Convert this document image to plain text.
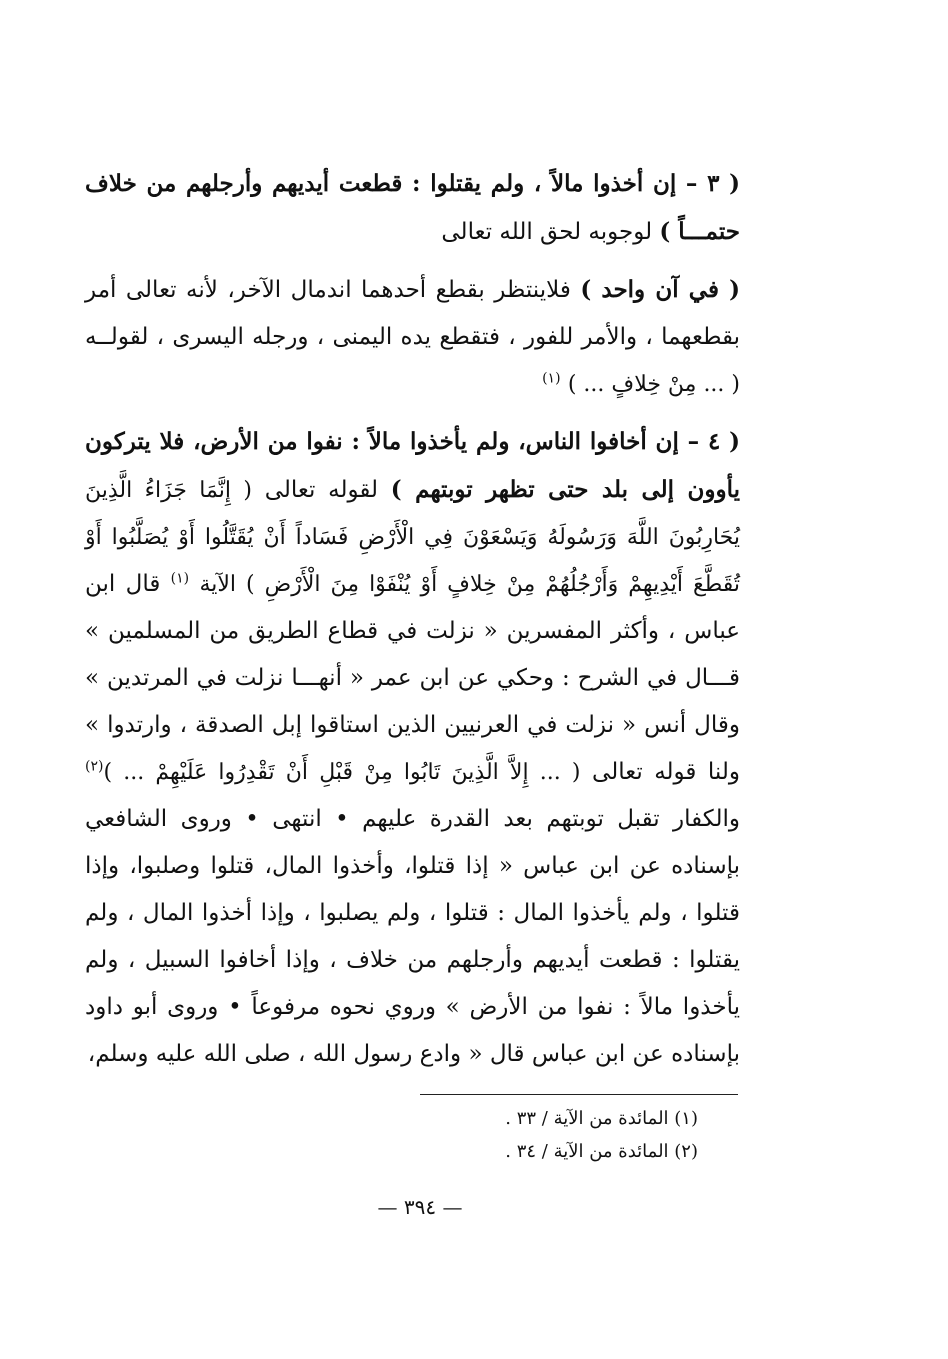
( ٣ – إن أخذوا مالاً ، ولم يقتلوا : قطعت أيديهم وأرجلهم من خلاف حتمـــاً ) لوجوبه لحق الله تعالى

( في آن واحد ) فلاينتظر بقطع أحدهما اندمال الآخر، لأنه تعالى أمر بقطعهما ، والأمر للفور ، فتقطع يده اليمنى ، ورجله اليسرى ، لقولــه ( ... مِنْ خِلافٍ ... ) $^{(١)}$

( ٤ – إن أخافوا الناس، ولم يأخذوا مالاً : نفوا من الأرض، فلا يتركون يأوون إلى بلد حتى تظهر توبتهم ) لقوله تعالى ( إِنَّمَا جَزَاءُ الَّذِينَ يُحَارِبُونَ اللَّهَ وَرَسُولَهُ وَيَسْعَوْنَ فِي الْأَرْضِ فَسَاداً أَنْ يُقَتَّلُوا أَوْ يُصَلَّبُوا أَوْ تُقَطَّعَ أَيْدِيهِمْ وَأَرْجُلُهُمْ مِنْ خِلافٍ أَوْ يُنْفَوْا مِنَ الْأَرْضِ ) الآية $^{(١)}$ قال ابن عباس ، وأكثر المفسرين « نزلت في قطاع الطريق من المسلمين » قـــال في الشرح : وحكي عن ابن عمر « أنهـــا نزلت في المرتدين » وقال أنس « نزلت في العرنيين الذين استاقوا إبل الصدقة ، وارتدوا » ولنا قوله تعالى ( ... إِلاَّ الَّذِينَ تَابُوا مِنْ قَبْلِ أَنْ تَقْدِرُوا عَلَيْهِمْ ... )$^{(٢)}$ والكفار تقبل توبتهم بعد القدرة عليهم • انتهى • وروى الشافعي بإسناده عن ابن عباس « إذا قتلوا، وأخذوا المال، قتلوا وصلبوا، وإذا قتلوا ، ولم يأخذوا المال : قتلوا ، ولم يصلبوا ، وإذا أخذوا المال ، ولم يقتلوا : قطعت أيديهم وأرجلهم من خلاف ، وإذا أخافوا السبيل ، ولم يأخذوا مالاً : نفوا من الأرض » وروي نحوه مرفوعاً • وروى أبو داود بإسناده عن ابن عباس قال « وادع رسول الله ، صلى الله عليه وسلم،

(١) المائدة من الآية / ٣٣ .
(٢) المائدة من الآية / ٣٤ .
— ٣٩٤ —
